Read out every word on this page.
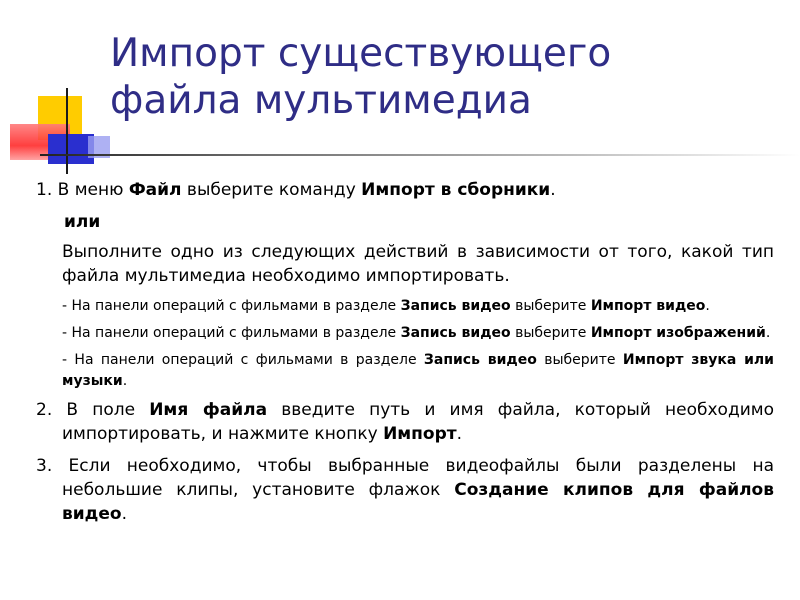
Импорт существующего
файла мультимедиа

1. В меню Файл выберите команду Импорт в сборники.

или

Выполните одно из следующих действий в зависимости от того, какой тип файла мультимедиа необходимо импортировать.

- На панели операций с фильмами в разделе Запись видео выберите Импорт видео.

- На панели операций с фильмами в разделе Запись видео выберите Импорт изображений.

- На панели операций с фильмами в разделе Запись видео выберите Импорт звука или музыки.

2. В поле Имя файла введите путь и имя файла, который необходимо импортировать, и нажмите кнопку Импорт.

3. Если необходимо, чтобы выбранные видеофайлы были разделены на небольшие клипы, установите флажок Создание клипов для файлов видео.
